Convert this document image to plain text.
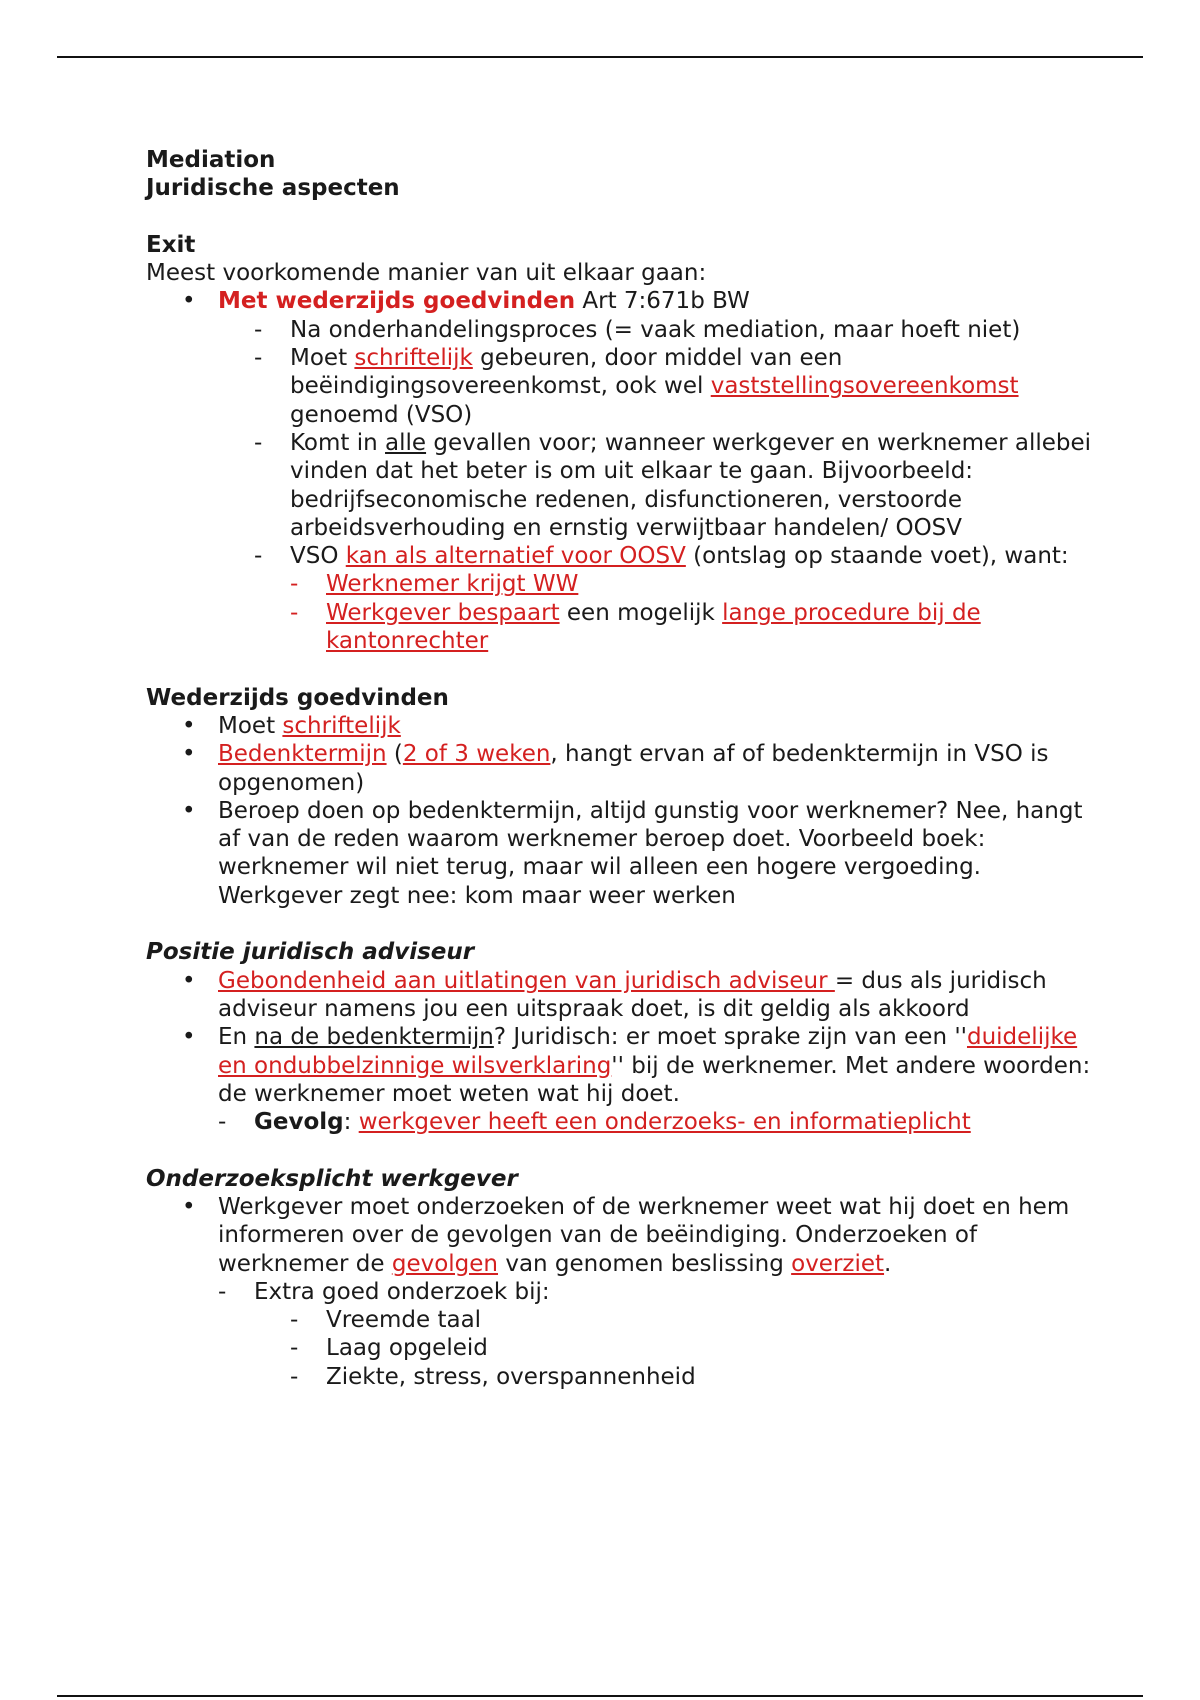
Mediation

Juridische aspecten

Exit

Meest voorkomende manier van uit elkaar gaan:

• Met wederzijds goedvinden Art 7:671b BW
- Na onderhandelingsproces (= vaak mediation, maar hoeft niet)
- Moet schriftelijk gebeuren, door middel van een beëindigingsovereenkomst, ook wel vaststellingsovereenkomst genoemd (VSO)
- Komt in alle gevallen voor; wanneer werkgever en werknemer allebei vinden dat het beter is om uit elkaar te gaan. Bijvoorbeeld: bedrijfseconomische redenen, disfunctioneren, verstoorde arbeidsverhouding en ernstig verwijtbaar handelen/ OOSV
- VSO kan als alternatief voor OOSV (ontslag op staande voet), want:
- Werknemer krijgt WW
- Werkgever bespaart een mogelijk lange procedure bij de kantonrechter

Wederzijds goedvinden

• Moet schriftelijk
• Bedenktermijn (2 of 3 weken, hangt ervan af of bedenktermijn in VSO is opgenomen)
• Beroep doen op bedenktermijn, altijd gunstig voor werknemer? Nee, hangt af van de reden waarom werknemer beroep doet. Voorbeeld boek: werknemer wil niet terug, maar wil alleen een hogere vergoeding. Werkgever zegt nee: kom maar weer werken

Positie juridisch adviseur

• Gebondenheid aan uitlatingen van juridisch adviseur = dus als juridisch adviseur namens jou een uitspraak doet, is dit geldig als akkoord
• En na de bedenktermijn? Juridisch: er moet sprake zijn van een ''duidelijke en ondubbelzinnige wilsverklaring'' bij de werknemer. Met andere woorden: de werknemer moet weten wat hij doet.
- Gevolg: werkgever heeft een onderzoeks- en informatieplicht

Onderzoeksplicht werkgever

• Werkgever moet onderzoeken of de werknemer weet wat hij doet en hem informeren over de gevolgen van de beëindiging. Onderzoeken of werknemer de gevolgen van genomen beslissing overziet.
- Extra goed onderzoek bij:
- Vreemde taal
- Laag opgeleid
- Ziekte, stress, overspannenheid
